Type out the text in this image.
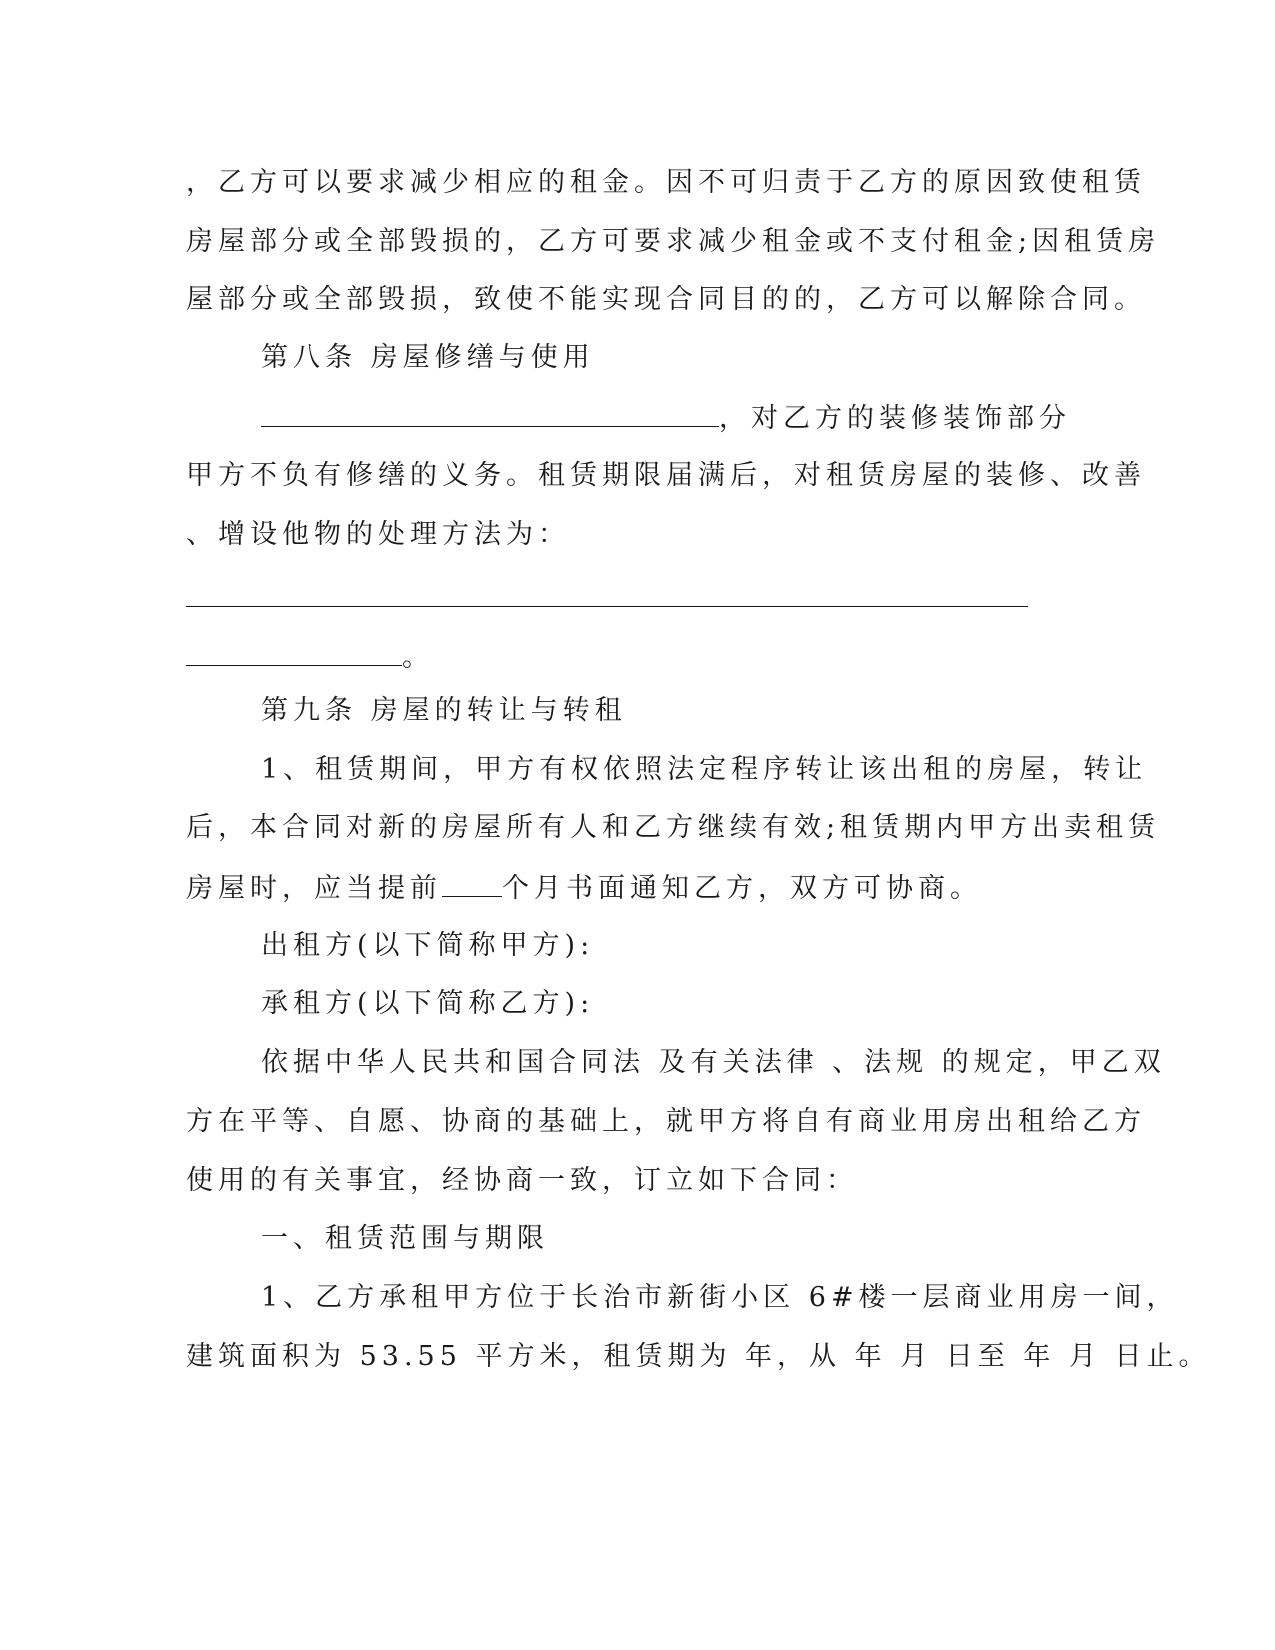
，乙方可以要求减少相应的租金。因不可归责于乙方的原因致使租赁
房屋部分或全部毁损的，乙方可要求减少租金或不支付租金;因租赁房
屋部分或全部毁损，致使不能实现合同目的的，乙方可以解除合同。
第八条 房屋修缮与使用
，对乙方的装修装饰部分
甲方不负有修缮的义务。租赁期限届满后，对租赁房屋的装修、改善
、增设他物的处理方法为：
。
第九条 房屋的转让与转租
1、租赁期间，甲方有权依照法定程序转让该出租的房屋，转让
后，本合同对新的房屋所有人和乙方继续有效;租赁期内甲方出卖租赁
房屋时，应当提前 个月书面通知乙方，双方可协商。
出租方(以下简称甲方):
承租方(以下简称乙方):
依据中华人民共和国合同法 及有关法律 、法规 的规定，甲乙双
方在平等、自愿、协商的基础上，就甲方将自有商业用房出租给乙方
使用的有关事宜，经协商一致，订立如下合同：
一、租赁范围与期限
1、乙方承租甲方位于长治市新街小区 6#楼一层商业用房一间，
建筑面积为 53.55 平方米，租赁期为 年，从 年 月 日至 年 月 日止。
